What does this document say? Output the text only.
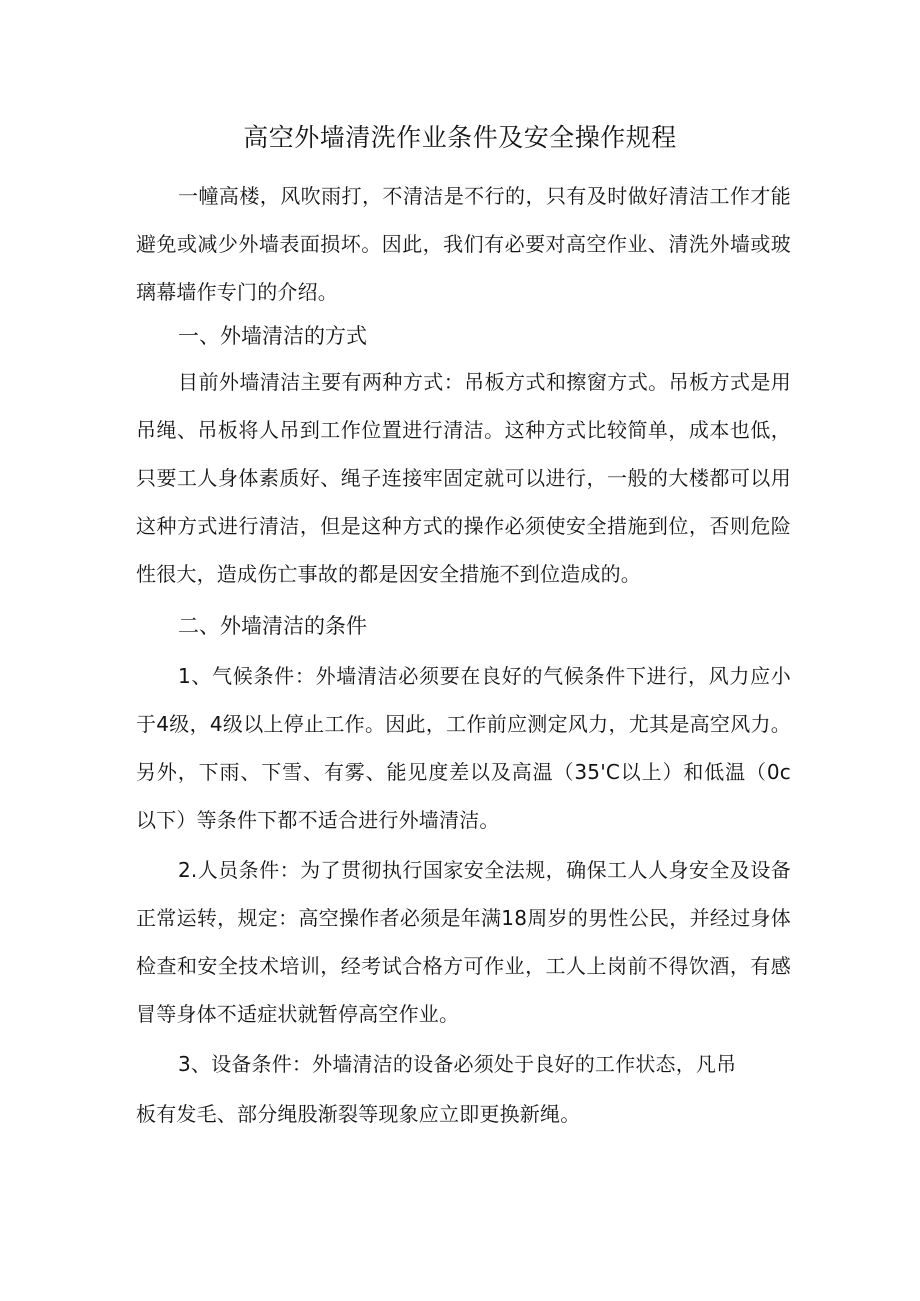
高空外墙清洗作业条件及安全操作规程

一幢高楼，风吹雨打，不清洁是不行的，只有及时做好清洁工作才能避免或减少外墙表面损坏。因此，我们有必要对高空作业、清洗外墙或玻璃幕墙作专门的介绍。

一、外墙清洁的方式

目前外墙清洁主要有两种方式：吊板方式和擦窗方式。吊板方式是用吊绳、吊板将人吊到工作位置进行清洁。这种方式比较简单，成本也低，只要工人身体素质好、绳子连接牢固定就可以进行，一般的大楼都可以用这种方式进行清洁，但是这种方式的操作必须使安全措施到位，否则危险性很大，造成伤亡事故的都是因安全措施不到位造成的。

二、外墙清洁的条件

1、气候条件：外墙清洁必须要在良好的气候条件下进行，风力应小于4级，4级以上停止工作。因此，工作前应测定风力，尤其是高空风力。另外，下雨、下雪、有雾、能见度差以及高温（35'C以上）和低温（0c以下）等条件下都不适合进行外墙清洁。

2.人员条件：为了贯彻执行国家安全法规，确保工人人身安全及设备正常运转，规定：高空操作者必须是年满18周岁的男性公民，并经过身体检查和安全技术培训，经考试合格方可作业，工人上岗前不得饮酒，有感冒等身体不适症状就暂停高空作业。

3、设备条件：外墙清洁的设备必须处于良好的工作状态，凡吊

板有发毛、部分绳股渐裂等现象应立即更换新绳。
